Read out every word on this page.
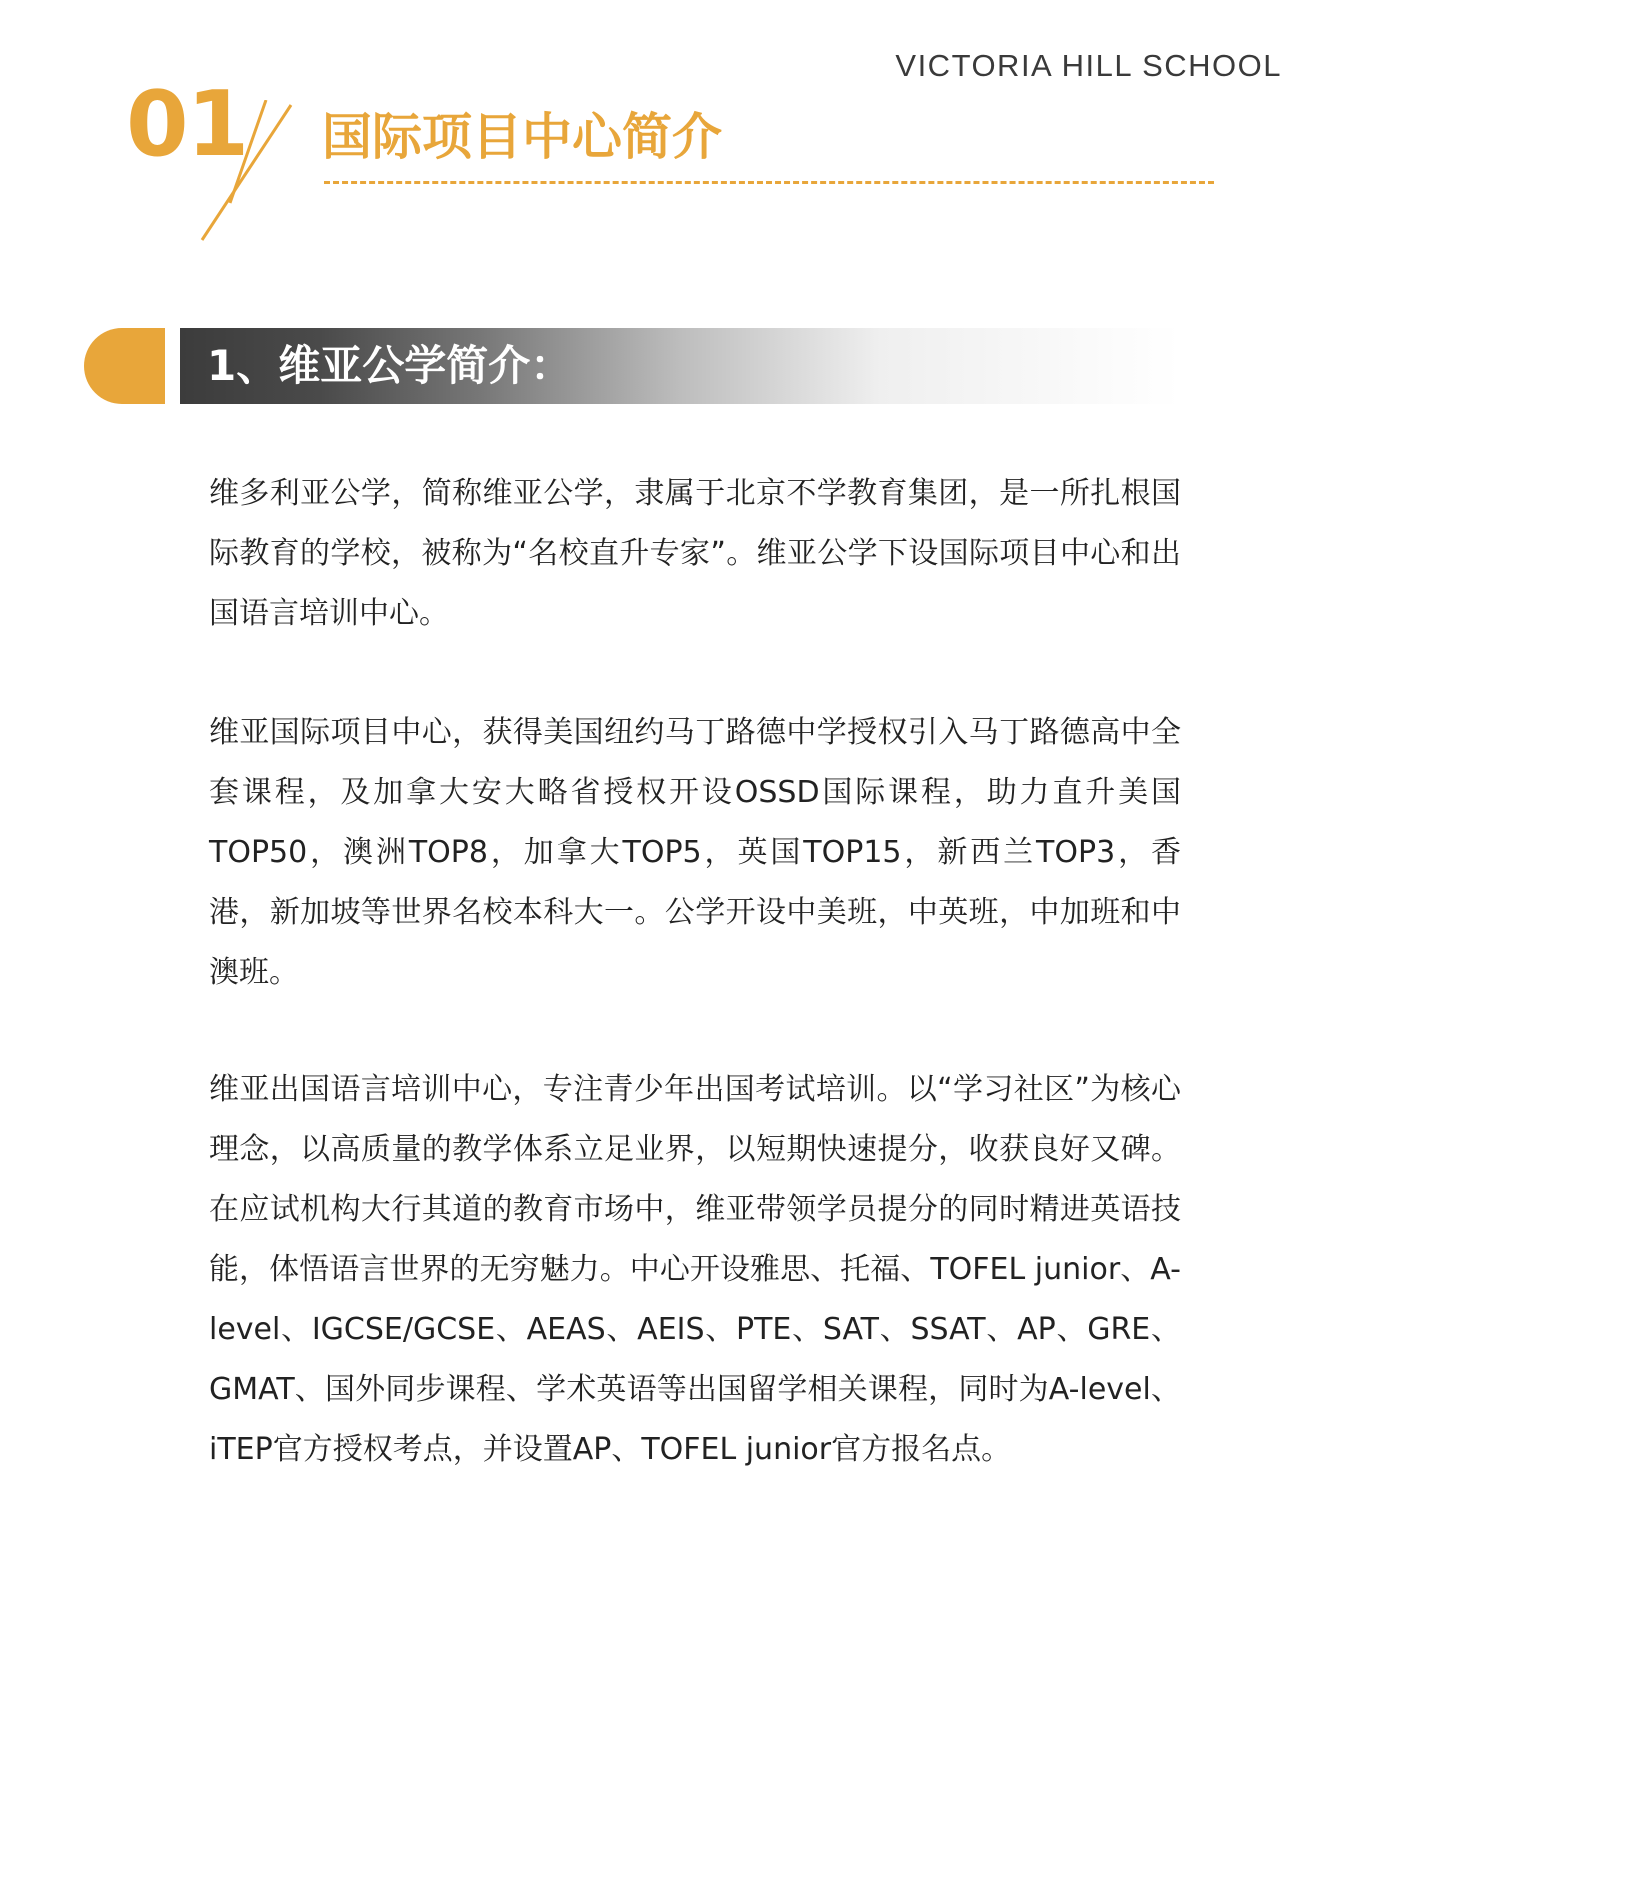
VICTORIA HILL SCHOOL
01 国际项目中心简介
1、维亚公学简介：

维多利亚公学，简称维亚公学，隶属于北京不学教育集团，是一所扎根国际教育的学校，被称为“名校直升专家”。维亚公学下设国际项目中心和出国语言培训中心。

维亚国际项目中心，获得美国纽约马丁路德中学授权引入马丁路德高中全套课程，及加拿大安大略省授权开设OSSD国际课程，助力直升美国TOP50，澳洲TOP8，加拿大TOP5，英国TOP15，新西兰TOP3，香港，新加坡等世界名校本科大一。公学开设中美班，中英班，中加班和中澳班。

维亚出国语言培训中心，专注青少年出国考试培训。以“学习社区”为核心理念，以高质量的教学体系立足业界，以短期快速提分，收获良好又碑。在应试机构大行其道的教育市场中，维亚带领学员提分的同时精进英语技能，体悟语言世界的无穷魅力。中心开设雅思、托福、TOFEL junior、A-level、IGCSE/GCSE、AEAS、AEIS、PTE、SAT、SSAT、AP、GRE、GMAT、国外同步课程、学术英语等出国留学相关课程，同时为A-level、iTEP官方授权考点，并设置AP、TOFEL junior官方报名点。
